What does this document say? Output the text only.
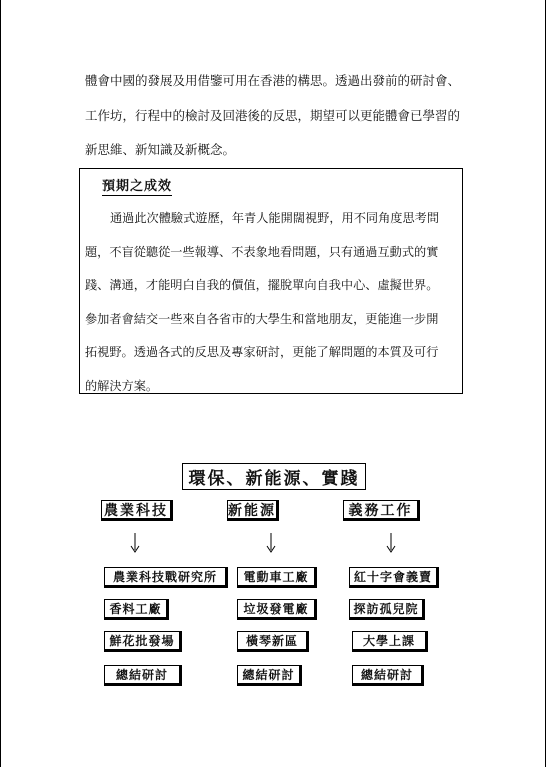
體會中國的發展及用借鑒可用在香港的構思。透過出發前的研討會、
工作坊，行程中的檢討及回港後的反思，期望可以更能體會已學習的
新思維、新知識及新概念。
預期之成效
通過此次體驗式遊歷，年青人能開闊視野，用不同角度思考問
題，不盲從聽從一些報導、不表象地看問題，只有通過互動式的實
踐、溝通，才能明白自我的價值，擺脫單向自我中心、虛擬世界。
參加者會結交一些來自各省市的大學生和當地朋友，更能進一步開
拓視野。透過各式的反思及專家研討，更能了解問題的本質及可行
的解決方案。
環保、新能源、實踐
農業科技
農業科技戰研究所
香料工廠
鮮花批發場
總結研討
新能源
電動車工廠
垃圾發電廠
橫琴新區
總結研討
義務工作
紅十字會義賣
探訪孤兒院
大學上課
總結研討
